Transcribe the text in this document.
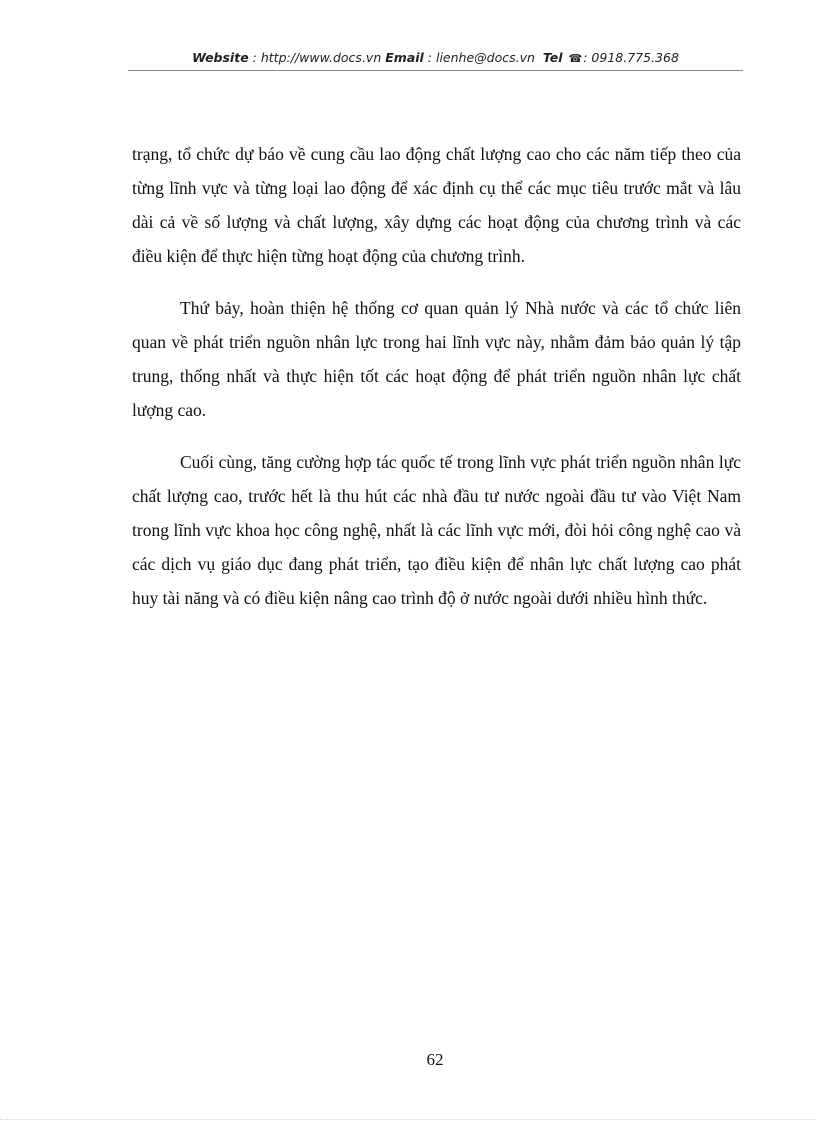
Website : http://www.docs.vn Email : lienhe@docs.vn Tel ☎: 0918.775.368

trạng, tổ chức dự báo về cung cầu lao động chất lượng cao cho các năm tiếp theo của từng lĩnh vực và từng loại lao động để xác định cụ thể các mục tiêu trước mắt và lâu dài cả về số lượng và chất lượng, xây dựng các hoạt động của chương trình và các điều kiện để thực hiện từng hoạt động của chương trình.

Thứ bảy, hoàn thiện hệ thống cơ quan quản lý Nhà nước và các tổ chức liên quan về phát triển nguồn nhân lực trong hai lĩnh vực này, nhằm đảm bảo quản lý tập trung, thống nhất và thực hiện tốt các hoạt động để phát triển nguồn nhân lực chất lượng cao.

Cuối cùng, tăng cường hợp tác quốc tế trong lĩnh vực phát triển nguồn nhân lực chất lượng cao, trước hết là thu hút các nhà đầu tư nước ngoài đầu tư vào Việt Nam trong lĩnh vực khoa học công nghệ, nhất là các lĩnh vực mới, đòi hỏi công nghệ cao và các dịch vụ giáo dục đang phát triển, tạo điều kiện để nhân lực chất lượng cao phát huy tài năng và có điều kiện nâng cao trình độ ở nước ngoài dưới nhiều hình thức.

62
